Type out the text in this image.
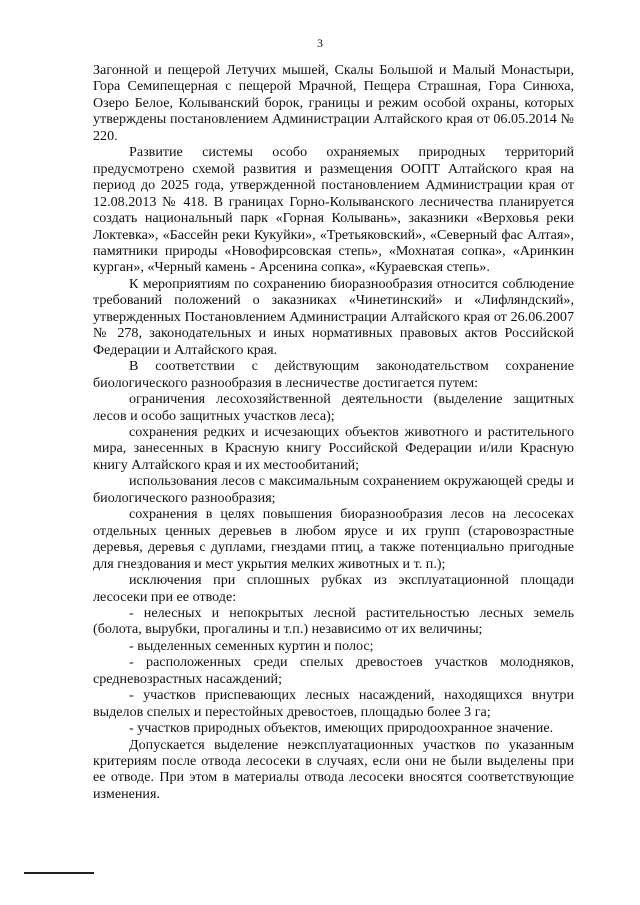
3

Загонной и пещерой Летучих мышей, Скалы Большой и Малый Монастыри, Гора Семипещерная с пещерой Мрачной, Пещера Страшная, Гора Синюха, Озеро Белое, Колыванский борок, границы и режим особой охраны, которых утверждены постановлением Администрации Алтайского края от 06.05.2014 № 220.

Развитие системы особо охраняемых природных территорий предусмотрено схемой развития и размещения ООПТ Алтайского края на период до 2025 года, утвержденной постановлением Администрации края от 12.08.2013 № 418. В границах Горно-Колыванского лесничества планируется создать национальный парк «Горная Колывань», заказники «Верховья реки Локтевка», «Бассейн реки Кукуйки», «Третьяковский», «Северный фас Алтая», памятники природы «Новофирсовская степь», «Мохнатая сопка», «Аринкин курган», «Черный камень - Арсенина сопка», «Кураевская степь».

К мероприятиям по сохранению биоразнообразия относится соблюдение требований положений о заказниках «Чинетинский» и «Лифляндский», утвержденных Постановлением Администрации Алтайского края от 26.06.2007 № 278, законодательных и иных нормативных правовых актов Российской Федерации и Алтайского края.

В соответствии с действующим законодательством сохранение биологического разнообразия в лесничестве достигается путем:

ограничения лесохозяйственной деятельности (выделение защитных лесов и особо защитных участков леса);

сохранения редких и исчезающих объектов животного и растительного мира, занесенных в Красную книгу Российской Федерации и/или Красную книгу Алтайского края и их местообитаний;

использования лесов с максимальным сохранением окружающей среды и биологического разнообразия;

сохранения в целях повышения биоразнообразия лесов на лесосеках отдельных ценных деревьев в любом ярусе и их групп (старовозрастные деревья, деревья с дуплами, гнездами птиц, а также потенциально пригодные для гнездования и мест укрытия мелких животных и т. п.);

исключения при сплошных рубках из эксплуатационной площади лесосеки при ее отводе:

- нелесных и непокрытых лесной растительностью лесных земель (болота, вырубки, прогалины и т.п.) независимо от их величины;

- выделенных семенных куртин и полос;

- расположенных среди спелых древостоев участков молодняков, средневозрастных насаждений;

- участков приспевающих лесных насаждений, находящихся внутри выделов спелых и перестойных древостоев, площадью более 3 га;

- участков природных объектов, имеющих природоохранное значение.

Допускается выделение неэксплуатационных участков по указанным критериям после отвода лесосеки в случаях, если они не были выделены при ее отводе. При этом в материалы отвода лесосеки вносятся соответствующие изменения.
